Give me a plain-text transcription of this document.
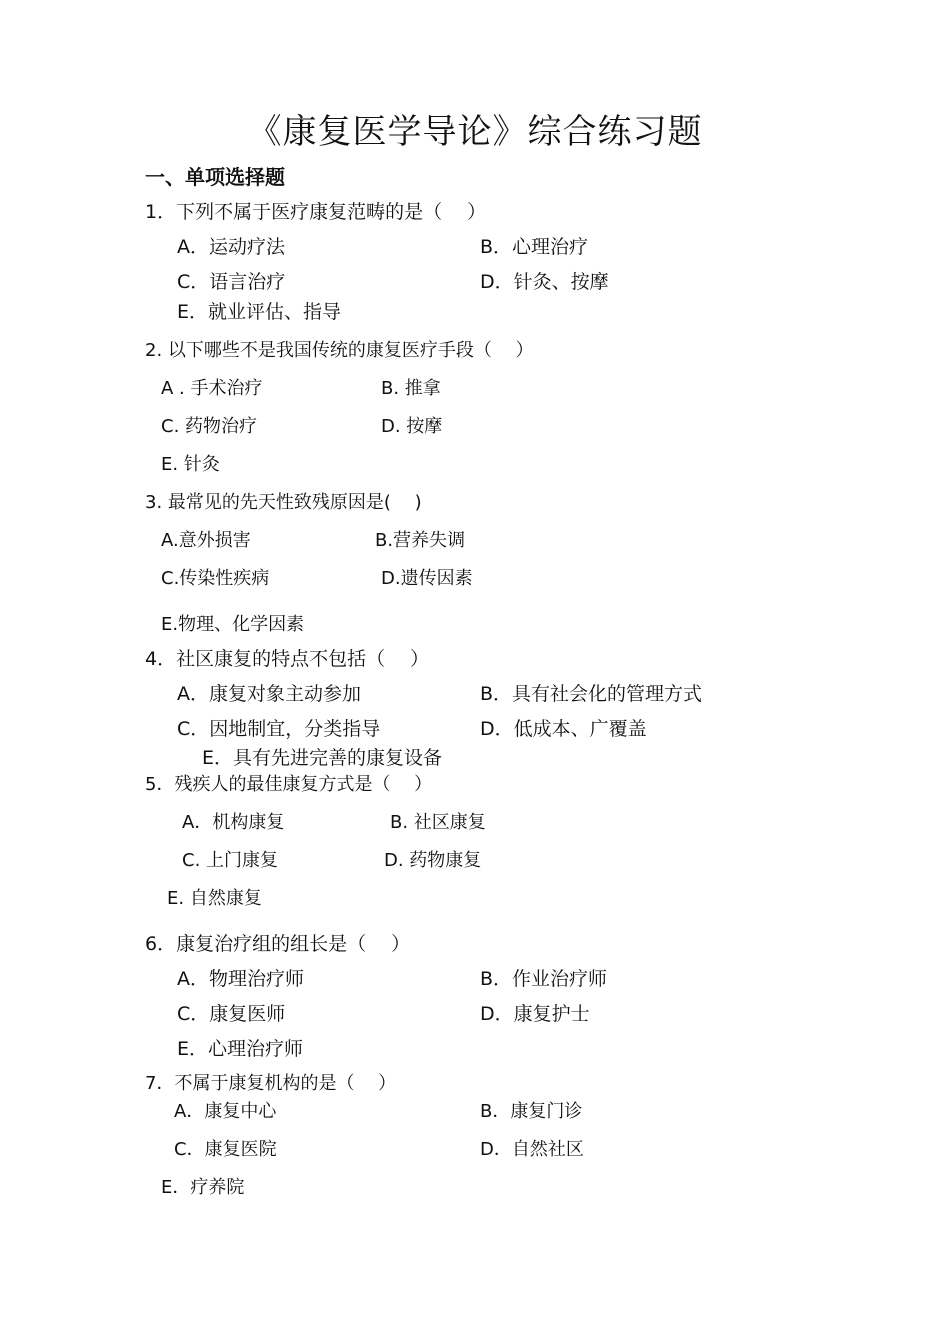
《康复医学导论》综合练习题
一、单项选择题
1．下列不属于医疗康复范畴的是（　 ）
A．运动疗法	B．心理治疗
C．语言治疗	D．针灸、按摩
E．就业评估、指导
2. 以下哪些不是我国传统的康复医疗手段（　 ）
A . 手术治疗	B. 推拿
C. 药物治疗	D. 按摩
E. 针灸
3. 最常见的先天性致残原因是(　 )
A.意外损害	B.营养失调
C.传染性疾病	D.遗传因素
E.物理、化学因素
4．社区康复的特点不包括（　 ）
A．康复对象主动参加	B．具有社会化的管理方式
C．因地制宜，分类指导	D．低成本、广覆盖
E．具有先进完善的康复设备
5．残疾人的最佳康复方式是（　 ）
A．机构康复	B. 社区康复
C. 上门康复	D. 药物康复
E. 自然康复
6．康复治疗组的组长是（　 ）
A．物理治疗师	B．作业治疗师
C．康复医师	D．康复护士
E．心理治疗师
7．不属于康复机构的是（　 ）
A．康复中心	B．康复门诊
C．康复医院	D．自然社区
E．疗养院
